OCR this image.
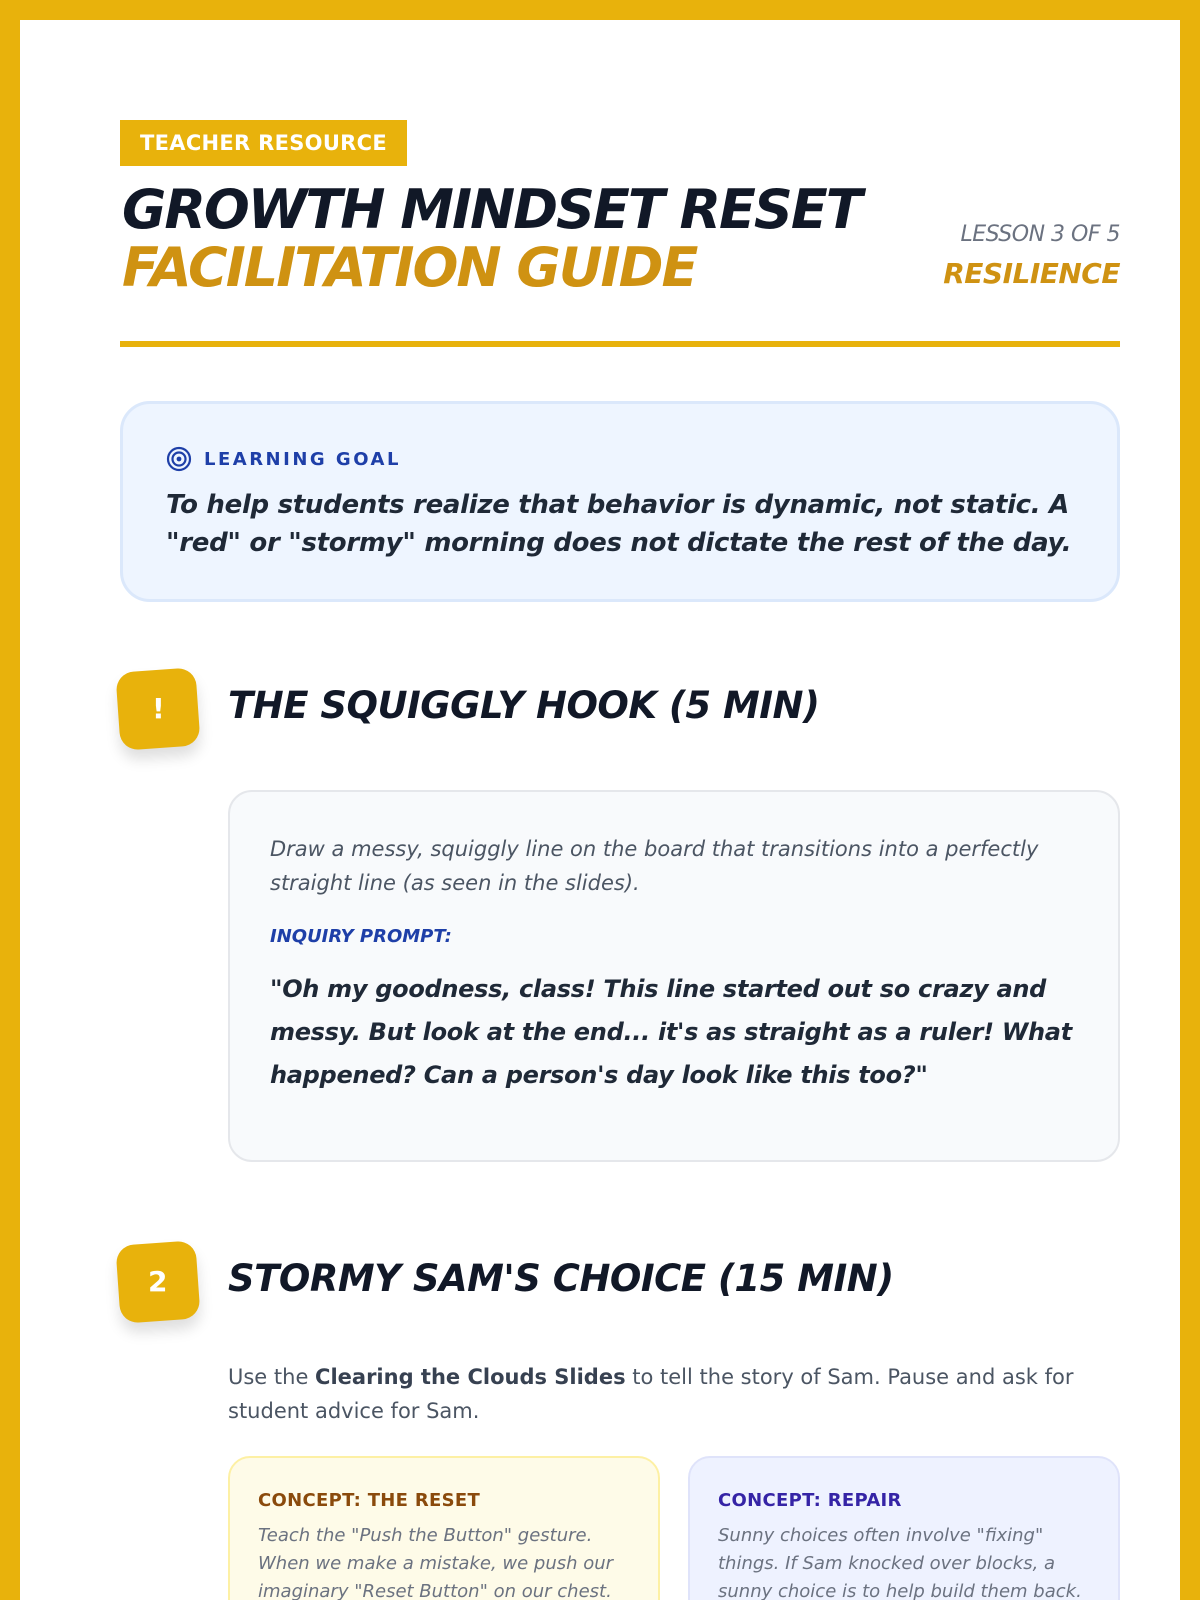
TEACHER RESOURCE
GROWTH MINDSET RESET
FACILITATION GUIDE
LESSON 3 OF 5
RESILIENCE
LEARNING GOAL
To help students realize that behavior is dynamic, not static. A "red" or "stormy" morning does not dictate the rest of the day.
!	THE SQUIGGLY HOOK (5 MIN)
Draw a messy, squiggly line on the board that transitions into a perfectly straight line (as seen in the slides).
INQUIRY PROMPT:
"Oh my goodness, class! This line started out so crazy and messy. But look at the end... it's as straight as a ruler! What happened? Can a person's day look like this too?"
2	STORMY SAM'S CHOICE (15 MIN)
Use the Clearing the Clouds Slides to tell the story of Sam. Pause and ask for student advice for Sam.
CONCEPT: THE RESET
Teach the "Push the Button" gesture. When we make a mistake, we push our imaginary "Reset Button" on our chest.
CONCEPT: REPAIR
Sunny choices often involve "fixing" things. If Sam knocked over blocks, a sunny choice is to help build them back.
